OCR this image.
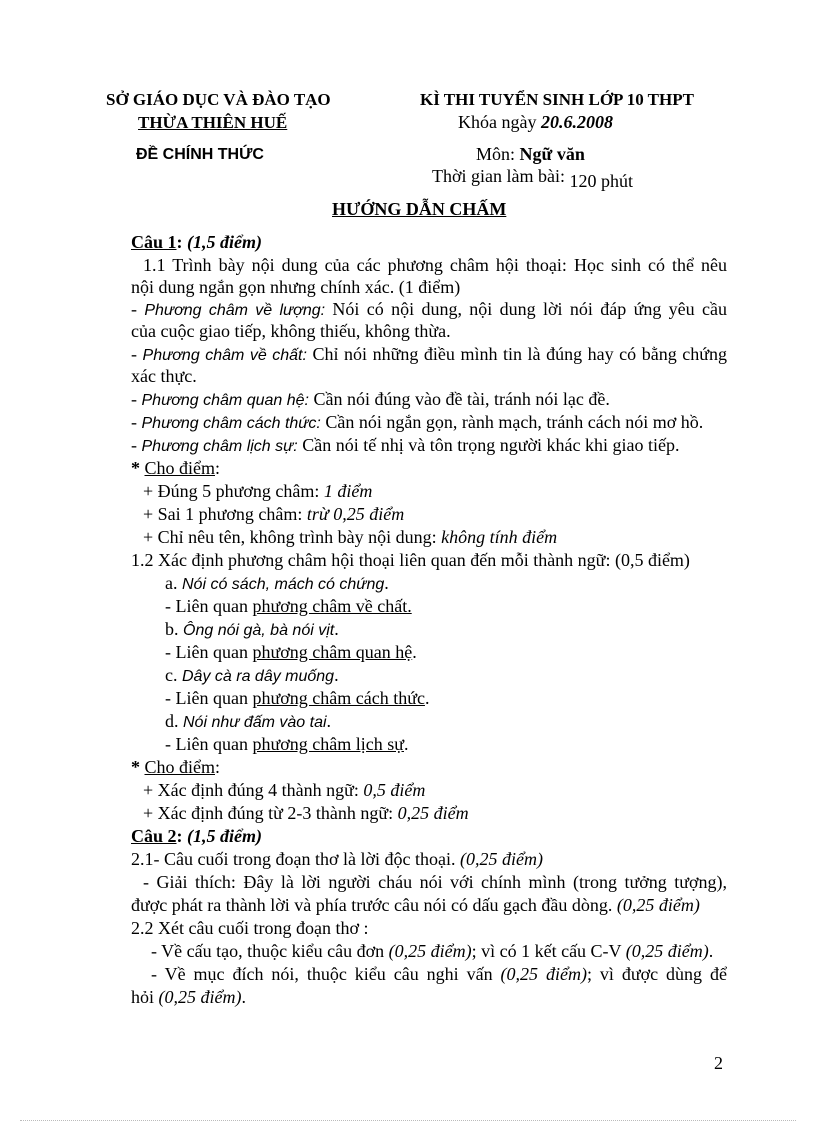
SỞ GIÁO DỤC VÀ ĐÀO TẠO
THỪA THIÊN HUẾ
ĐỀ CHÍNH THỨC
KÌ THI TUYỂN SINH LỚP 10 THPT
Khóa ngày 20.6.2008
Môn: Ngữ văn
Thời gian làm bài: 120 phút
HƯỚNG DẪN CHẤM
Câu 1: (1,5 điểm)
1.1 Trình bày nội dung của các phương châm hội thoại: Học sinh có thể nêu
nội dung ngắn gọn nhưng chính xác. (1 điểm)
- Phương châm về lượng: Nói có nội dung, nội dung lời nói đáp ứng yêu cầu
của cuộc giao tiếp, không thiếu, không thừa.
- Phương châm về chất: Chỉ nói những điều mình tin là đúng hay có bằng chứng
xác thực.
- Phương châm quan hệ: Cần nói đúng vào đề tài, tránh nói lạc đề.
- Phương châm cách thức: Cần nói ngắn gọn, rành mạch, tránh cách nói mơ hồ.
- Phương châm lịch sự: Cần nói tế nhị và tôn trọng người khác khi giao tiếp.
* Cho điểm:
+ Đúng 5 phương châm: 1 điểm
+ Sai 1 phương châm: trừ 0,25 điểm
+ Chỉ nêu tên, không trình bày nội dung: không tính điểm
1.2 Xác định phương châm hội thoại liên quan đến mỗi thành ngữ: (0,5 điểm)
a. Nói có sách, mách có chứng.
- Liên quan phương châm về chất.
b. Ông nói gà, bà nói vịt.
- Liên quan phương châm quan hệ.
c. Dây cà ra dây muống.
- Liên quan phương châm cách thức.
d. Nói như đấm vào tai.
- Liên quan phương châm lịch sự.
* Cho điểm:
+ Xác định đúng 4 thành ngữ: 0,5 điểm
+ Xác định đúng từ 2-3 thành ngữ: 0,25 điểm
Câu 2: (1,5 điểm)
2.1- Câu cuối trong đoạn thơ là lời độc thoại. (0,25 điểm)
- Giải thích: Đây là lời người cháu nói với chính mình (trong tưởng tượng),
được phát ra thành lời và phía trước câu nói có dấu gạch đầu dòng. (0,25 điểm)
2.2 Xét câu cuối trong đoạn thơ :
- Về cấu tạo, thuộc kiểu câu đơn (0,25 điểm); vì có 1 kết cấu C-V (0,25 điểm).
- Về mục đích nói, thuộc kiểu câu nghi vấn (0,25 điểm); vì được dùng để
hỏi (0,25 điểm).
2
